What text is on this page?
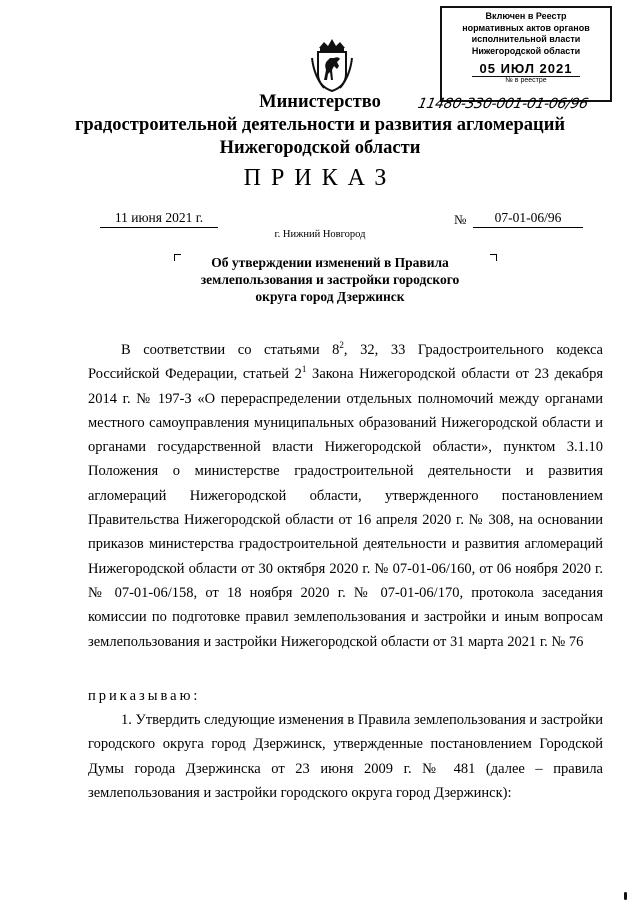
Включен в Реестр
нормативных актов органов
исполнительной власти
Нижегородской области
05 ИЮЛ 2021
№ в реестре
11480-330-001-01-06/96
Министерство
градостроительной деятельности и развития агломераций
Нижегородской области
ПРИКАЗ
11 июня 2021 г.	№	07-01-06/96
г. Нижний Новгород
Об утверждении изменений в Правила
землепользования и застройки городского
округа город Дзержинск

В соответствии со статьями $8^2$, 32, 33 Градостроительного кодекса Российской Федерации, статьей $2^1$ Закона Нижегородской области от 23 декабря 2014 г. № 197-З «О перераспределении отдельных полномочий между органами местного самоуправления муниципальных образований Нижегородской области и органами государственной власти Нижегородской области», пунктом 3.1.10 Положения о министерстве градостроительной деятельности и развития агломераций Нижегородской области, утвержденного постановлением Правительства Нижегородской области от 16 апреля 2020 г. № 308, на основании приказов министерства градостроительной деятельности и развития агломераций Нижегородской области от 30 октября 2020 г. № 07-01-06/160, от 06 ноября 2020 г. № 07-01-06/158, от 18 ноября 2020 г. № 07-01-06/170, протокола заседания комиссии по подготовке правил землепользования и застройки и иным вопросам землепользования и застройки Нижегородской области от 31 марта 2021 г. № 76

приказываю:

1. Утвердить следующие изменения в Правила землепользования и застройки городского округа город Дзержинск, утвержденные постановлением Городской Думы города Дзержинска от 23 июня 2009 г. № 481 (далее – правила землепользования и застройки городского округа город Дзержинск):
